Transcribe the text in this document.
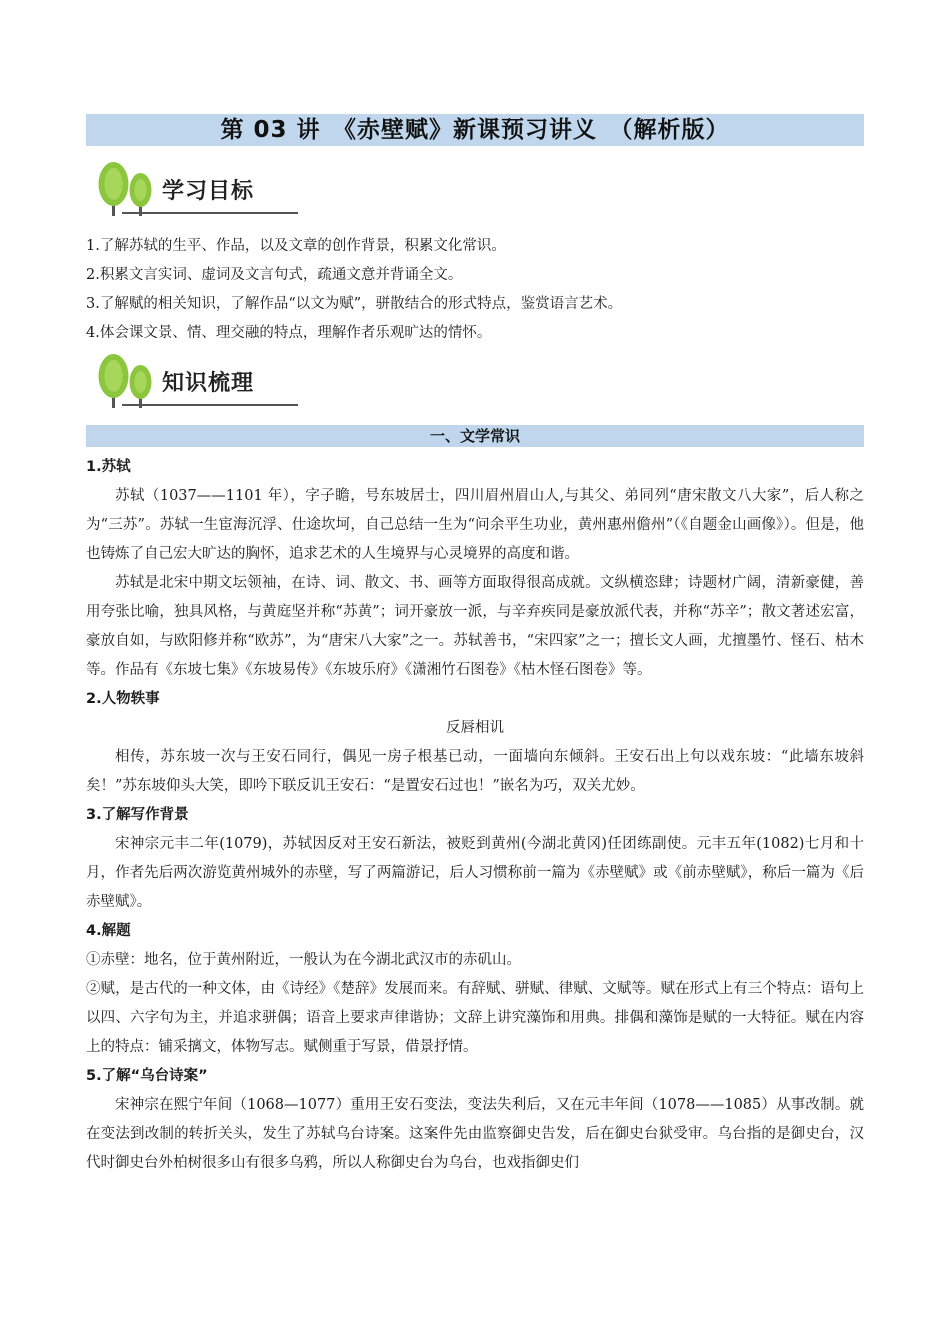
第 03 讲　《赤壁赋》新课预习讲义　（解析版）
学习目标
1.了解苏轼的生平、作品，以及文章的创作背景，积累文化常识。
2.积累文言实词、虚词及文言句式，疏通文意并背诵全文。
3.了解赋的相关知识，了解作品“以文为赋”，骈散结合的形式特点，鉴赏语言艺术。
4.体会课文景、情、理交融的特点，理解作者乐观旷达的情怀。
知识梳理
一、文学常识
1.苏轼
苏轼（1037——1101 年），字子瞻，号东坡居士，四川眉州眉山人,与其父、弟同列“唐宋散文八大家”，后人称之为“三苏”。苏轼一生宦海沉浮、仕途坎坷，自己总结一生为“问余平生功业，黄州惠州儋州”（《自题金山画像》）。但是，他也铸炼了自己宏大旷达的胸怀，追求艺术的人生境界与心灵境界的高度和谐。
苏轼是北宋中期文坛领袖，在诗、词、散文、书、画等方面取得很高成就。文纵横恣肆；诗题材广阔，清新豪健，善用夸张比喻，独具风格，与黄庭坚并称“苏黄”；词开豪放一派，与辛弃疾同是豪放派代表，并称“苏辛”；散文著述宏富，豪放自如，与欧阳修并称“欧苏”，为“唐宋八大家”之一。苏轼善书，“宋四家”之一；擅长文人画，尤擅墨竹、怪石、枯木等。作品有《东坡七集》《东坡易传》《东坡乐府》《潇湘竹石图卷》《枯木怪石图卷》等。
2.人物轶事
反唇相讥
相传，苏东坡一次与王安石同行，偶见一房子根基已动，一面墙向东倾斜。王安石出上句以戏东坡：“此墙东坡斜矣！”苏东坡仰头大笑，即吟下联反讥王安石：“是置安石过也！”嵌名为巧，双关尤妙。
3.了解写作背景
宋神宗元丰二年(1079)，苏轼因反对王安石新法，被贬到黄州(今湖北黄冈)任团练副使。元丰五年(1082)七月和十月，作者先后两次游览黄州城外的赤壁，写了两篇游记，后人习惯称前一篇为《赤壁赋》或《前赤壁赋》，称后一篇为《后赤壁赋》。
4.解题
①赤壁：地名，位于黄州附近，一般认为在今湖北武汉市的赤矶山。
②赋，是古代的一种文体，由《诗经》《楚辞》发展而来。有辞赋、骈赋、律赋、文赋等。赋在形式上有三个特点：语句上以四、六字句为主，并追求骈偶；语音上要求声律谐协；文辞上讲究藻饰和用典。排偶和藻饰是赋的一大特征。赋在内容上的特点：铺采摛文，体物写志。赋侧重于写景，借景抒情。
5.了解“乌台诗案”
宋神宗在熙宁年间（1068—1077）重用王安石变法，变法失利后，又在元丰年间（1078——1085）从事改制。就在变法到改制的转折关头，发生了苏轼乌台诗案。这案件先由监察御史告发，后在御史台狱受审。乌台指的是御史台，汉代时御史台外柏树很多山有很多乌鸦，所以人称御史台为乌台，也戏指御史们
